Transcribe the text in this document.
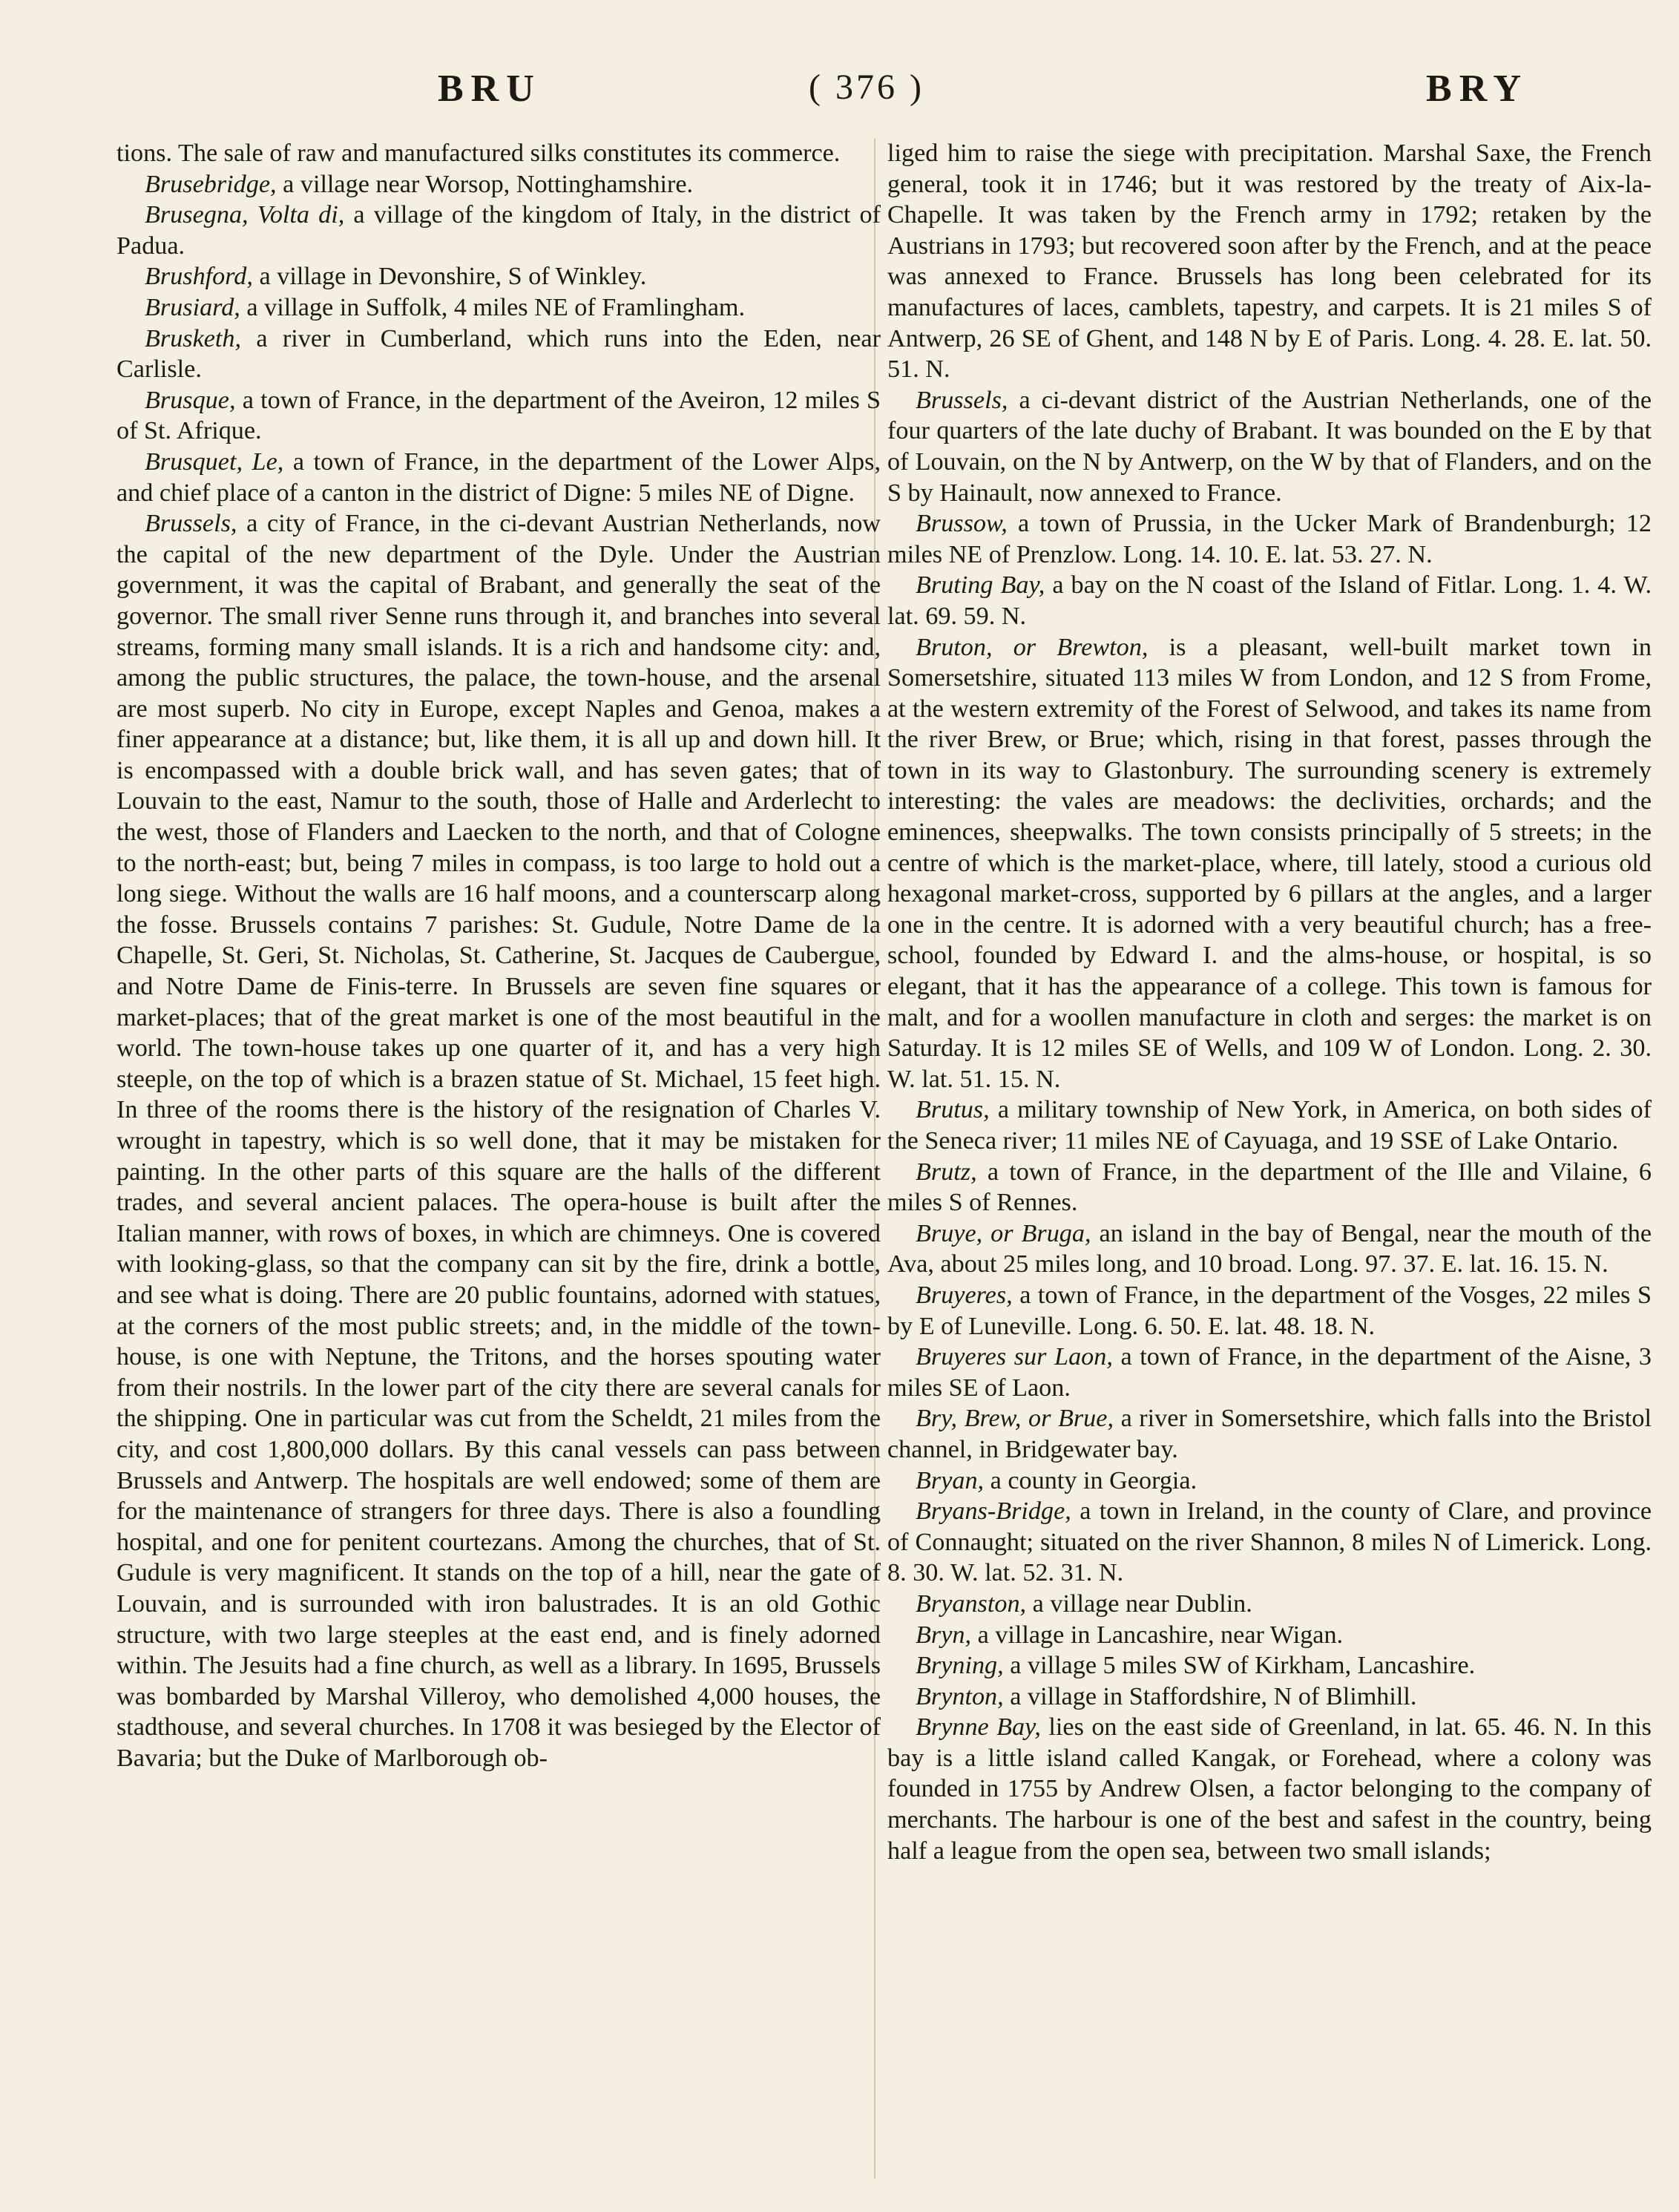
BRU	( 376 )	BRY

tions. The sale of raw and manufactured silks constitutes its commerce.

Brusebridge, a village near Worsop, Nottinghamshire.

Brusegna, Volta di, a village of the kingdom of Italy, in the district of Padua.

Brushford, a village in Devonshire, S of Winkley.

Brusiard, a village in Suffolk, 4 miles NE of Framlingham.

Brusketh, a river in Cumberland, which runs into the Eden, near Carlisle.

Brusque, a town of France, in the department of the Aveiron, 12 miles S of St. Afrique.

Brusquet, Le, a town of France, in the department of the Lower Alps, and chief place of a canton in the district of Digne: 5 miles NE of Digne.

Brussels, a city of France, in the ci-devant Austrian Netherlands, now the capital of the new department of the Dyle. Under the Austrian government, it was the capital of Brabant, and generally the seat of the governor. The small river Senne runs through it, and branches into several streams, forming many small islands. It is a rich and handsome city: and, among the public structures, the palace, the town-house, and the arsenal are most superb. No city in Europe, except Naples and Genoa, makes a finer appearance at a distance; but, like them, it is all up and down hill. It is encompassed with a double brick wall, and has seven gates; that of Louvain to the east, Namur to the south, those of Halle and Arderlecht to the west, those of Flanders and Laecken to the north, and that of Cologne to the north-east; but, being 7 miles in compass, is too large to hold out a long siege. Without the walls are 16 half moons, and a counterscarp along the fosse. Brussels contains 7 parishes: St. Gudule, Notre Dame de la Chapelle, St. Geri, St. Nicholas, St. Catherine, St. Jacques de Caubergue, and Notre Dame de Finis-terre. In Brussels are seven fine squares or market-places; that of the great market is one of the most beautiful in the world. The town-house takes up one quarter of it, and has a very high steeple, on the top of which is a brazen statue of St. Michael, 15 feet high. In three of the rooms there is the history of the resignation of Charles V. wrought in tapestry, which is so well done, that it may be mistaken for painting. In the other parts of this square are the halls of the different trades, and several ancient palaces. The opera-house is built after the Italian manner, with rows of boxes, in which are chimneys. One is covered with looking-glass, so that the company can sit by the fire, drink a bottle, and see what is doing. There are 20 public fountains, adorned with statues, at the corners of the most public streets; and, in the middle of the town-house, is one with Neptune, the Tritons, and the horses spouting water from their nostrils. In the lower part of the city there are several canals for the shipping. One in particular was cut from the Scheldt, 21 miles from the city, and cost 1,800,000 dollars. By this canal vessels can pass between Brussels and Antwerp. The hospitals are well endowed; some of them are for the maintenance of strangers for three days. There is also a foundling hospital, and one for penitent courtezans. Among the churches, that of St. Gudule is very magnificent. It stands on the top of a hill, near the gate of Louvain, and is surrounded with iron balustrades. It is an old Gothic structure, with two large steeples at the east end, and is finely adorned within. The Jesuits had a fine church, as well as a library. In 1695, Brussels was bombarded by Marshal Villeroy, who demolished 4,000 houses, the stadthouse, and several churches. In 1708 it was besieged by the Elector of Bavaria; but the Duke of Marlborough ob-

liged him to raise the siege with precipitation. Marshal Saxe, the French general, took it in 1746; but it was restored by the treaty of Aix-la-Chapelle. It was taken by the French army in 1792; retaken by the Austrians in 1793; but recovered soon after by the French, and at the peace was annexed to France. Brussels has long been celebrated for its manufactures of laces, camblets, tapestry, and carpets. It is 21 miles S of Antwerp, 26 SE of Ghent, and 148 N by E of Paris. Long. 4. 28. E. lat. 50. 51. N.

Brussels, a ci-devant district of the Austrian Netherlands, one of the four quarters of the late duchy of Brabant. It was bounded on the E by that of Louvain, on the N by Antwerp, on the W by that of Flanders, and on the S by Hainault, now annexed to France.

Brussow, a town of Prussia, in the Ucker Mark of Brandenburgh; 12 miles NE of Prenzlow. Long. 14. 10. E. lat. 53. 27. N.

Bruting Bay, a bay on the N coast of the Island of Fitlar. Long. 1. 4. W. lat. 69. 59. N.

Bruton, or Brewton, is a pleasant, well-built market town in Somersetshire, situated 113 miles W from London, and 12 S from Frome, at the western extremity of the Forest of Selwood, and takes its name from the river Brew, or Brue; which, rising in that forest, passes through the town in its way to Glastonbury. The surrounding scenery is extremely interesting: the vales are meadows: the declivities, orchards; and the eminences, sheepwalks. The town consists principally of 5 streets; in the centre of which is the market-place, where, till lately, stood a curious old hexagonal market-cross, supported by 6 pillars at the angles, and a larger one in the centre. It is adorned with a very beautiful church; has a free-school, founded by Edward I. and the alms-house, or hospital, is so elegant, that it has the appearance of a college. This town is famous for malt, and for a woollen manufacture in cloth and serges: the market is on Saturday. It is 12 miles SE of Wells, and 109 W of London. Long. 2. 30. W. lat. 51. 15. N.

Brutus, a military township of New York, in America, on both sides of the Seneca river; 11 miles NE of Cayuaga, and 19 SSE of Lake Ontario.

Brutz, a town of France, in the department of the Ille and Vilaine, 6 miles S of Rennes.

Bruye, or Bruga, an island in the bay of Bengal, near the mouth of the Ava, about 25 miles long, and 10 broad. Long. 97. 37. E. lat. 16. 15. N.

Bruyeres, a town of France, in the department of the Vosges, 22 miles S by E of Luneville. Long. 6. 50. E. lat. 48. 18. N.

Bruyeres sur Laon, a town of France, in the department of the Aisne, 3 miles SE of Laon.

Bry, Brew, or Brue, a river in Somersetshire, which falls into the Bristol channel, in Bridgewater bay.

Bryan, a county in Georgia.

Bryans-Bridge, a town in Ireland, in the county of Clare, and province of Connaught; situated on the river Shannon, 8 miles N of Limerick. Long. 8. 30. W. lat. 52. 31. N.

Bryanston, a village near Dublin.

Bryn, a village in Lancashire, near Wigan.

Bryning, a village 5 miles SW of Kirkham, Lancashire.

Brynton, a village in Staffordshire, N of Blimhill.

Brynne Bay, lies on the east side of Greenland, in lat. 65. 46. N. In this bay is a little island called Kangak, or Forehead, where a colony was founded in 1755 by Andrew Olsen, a factor belonging to the company of merchants. The harbour is one of the best and safest in the country, being half a league from the open sea, between two small islands;
